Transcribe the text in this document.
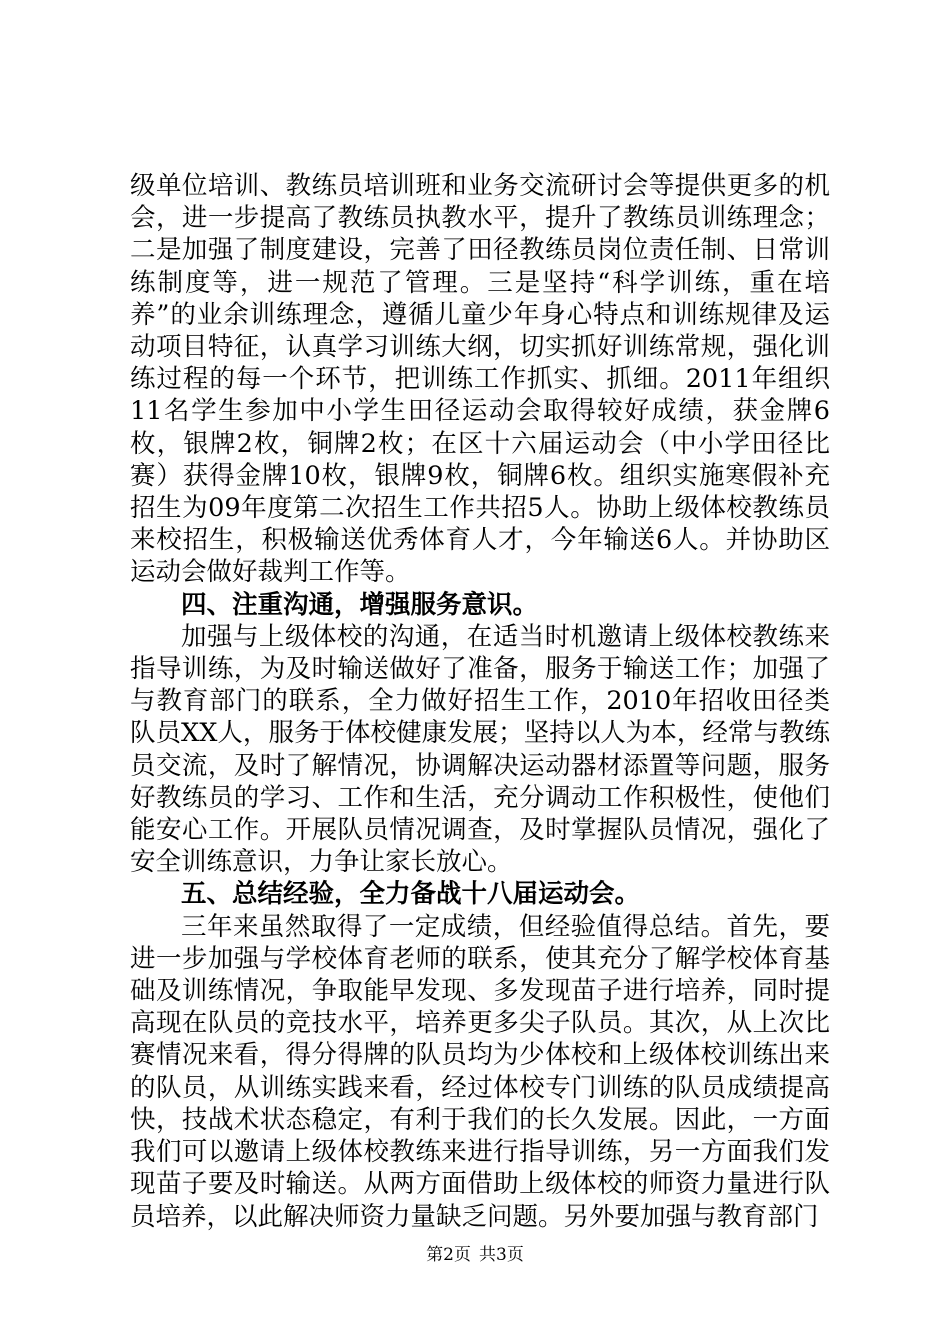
级单位培训、教练员培训班和业务交流研讨会等提供更多的机会，进一步提高了教练员执教水平，提升了教练员训练理念；二是加强了制度建设，完善了田径教练员岗位责任制、日常训练制度等，进一规范了管理。三是坚持“科学训练，重在培养”的业余训练理念，遵循儿童少年身心特点和训练规律及运动项目特征，认真学习训练大纲，切实抓好训练常规，强化训练过程的每一个环节，把训练工作抓实、抓细。2011年组织11名学生参加中小学生田径运动会取得较好成绩，获金牌6枚，银牌2枚，铜牌2枚；在区十六届运动会（中小学田径比赛）获得金牌10枚，银牌9枚，铜牌6枚。组织实施寒假补充招生为09年度第二次招生工作共招5人。协助上级体校教练员来校招生，积极输送优秀体育人才，今年输送6人。并协助区运动会做好裁判工作等。

四、注重沟通，增强服务意识。

加强与上级体校的沟通，在适当时机邀请上级体校教练来指导训练，为及时输送做好了准备，服务于输送工作；加强了与教育部门的联系，全力做好招生工作，2010年招收田径类队员XX人，服务于体校健康发展；坚持以人为本，经常与教练员交流，及时了解情况，协调解决运动器材添置等问题，服务好教练员的学习、工作和生活，充分调动工作积极性，使他们能安心工作。开展队员情况调查，及时掌握队员情况，强化了安全训练意识，力争让家长放心。

五、总结经验，全力备战十八届运动会。

三年来虽然取得了一定成绩，但经验值得总结。首先，要进一步加强与学校体育老师的联系，使其充分了解学校体育基础及训练情况，争取能早发现、多发现苗子进行培养，同时提高现在队员的竞技水平，培养更多尖子队员。其次，从上次比赛情况来看，得分得牌的队员均为少体校和上级体校训练出来的队员，从训练实践来看，经过体校专门训练的队员成绩提高快，技战术状态稳定，有利于我们的长久发展。因此，一方面我们可以邀请上级体校教练来进行指导训练，另一方面我们发现苗子要及时输送。从两方面借助上级体校的师资力量进行队员培养，以此解决师资力量缺乏问题。另外要加强与教育部门

第2页 共3页
